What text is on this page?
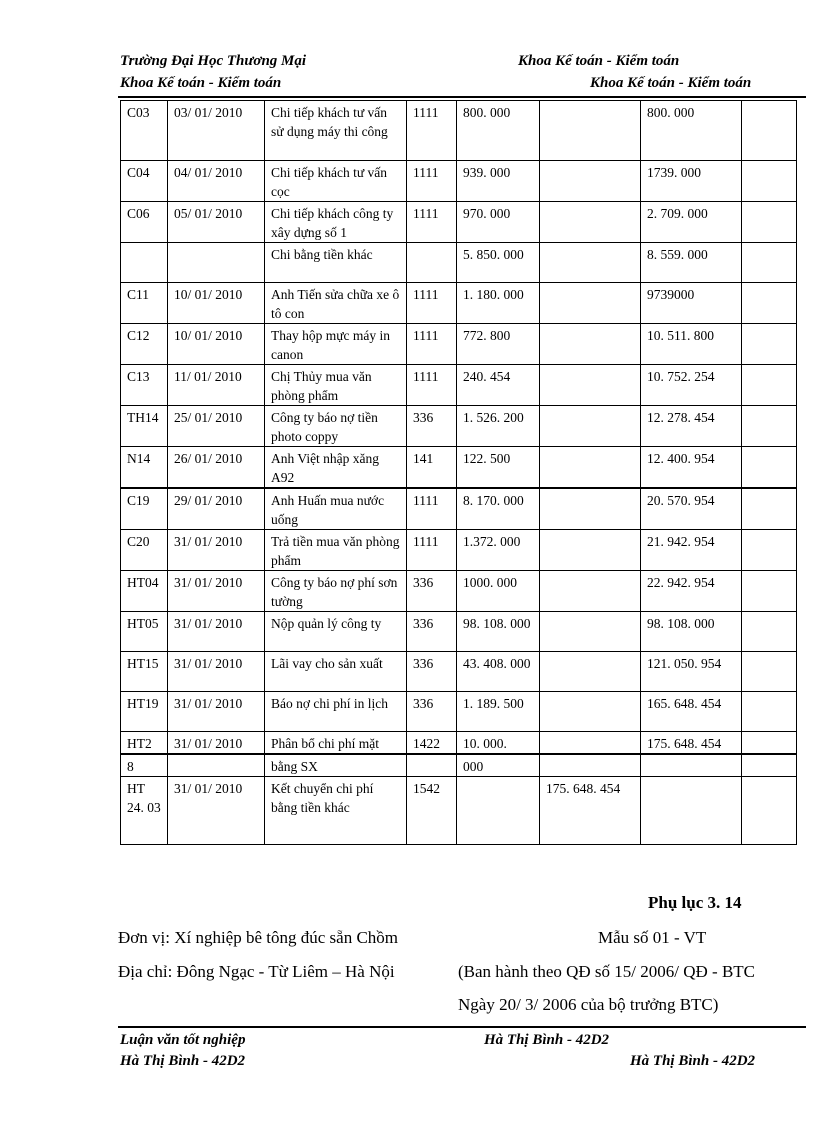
Trường Đại Học Thương Mại	Khoa Kế toán - Kiểm toán
Khoa Kế toán - Kiểm toán	Khoa Kế toán - Kiểm toán
C03	03/ 01/ 2010	Chi tiếp khách tư vấn sử dụng máy thi công	1111	800. 000		800. 000	
C04	04/ 01/ 2010	Chi tiếp khách tư vấn cọc	1111	939. 000		1739. 000	
C06	05/ 01/ 2010	Chi tiếp khách công ty xây dựng số 1	1111	970. 000		2. 709. 000	
		Chi bằng tiền khác		5. 850. 000		8. 559. 000	
C11	10/ 01/ 2010	Anh Tiến sửa chữa xe ô tô con	1111	1. 180. 000		9739000	
C12	10/ 01/ 2010	Thay hộp mực máy in canon	1111	772. 800		10. 511. 800	
C13	11/ 01/ 2010	Chị Thủy mua văn phòng phẩm	1111	240. 454		10. 752. 254	
TH14	25/ 01/ 2010	Công ty báo nợ tiền photo coppy	336	1. 526. 200		12. 278. 454	
N14	26/ 01/ 2010	Anh Việt nhập xăng A92	141	122. 500		12. 400. 954	
C19	29/ 01/ 2010	Anh Huấn mua nước uống	1111	8. 170. 000		20. 570. 954	
C20	31/ 01/ 2010	Trả tiền mua văn phòng phẩm	1111	1.372. 000		21. 942. 954	
HT04	31/ 01/ 2010	Công ty báo nợ phí sơn tường	336	1000. 000		22. 942. 954	
HT05	31/ 01/ 2010	Nộp quản lý công ty	336	98. 108. 000		98. 108. 000	
HT15	31/ 01/ 2010	Lãi vay cho sản xuất	336	43. 408. 000		121. 050. 954	
HT19	31/ 01/ 2010	Báo nợ chi phí in lịch	336	1. 189. 500		165. 648. 454	
HT2	31/ 01/ 2010	Phân bổ chi phí mặt	1422	10. 000.		175. 648. 454	
8		bằng SX		000			
HT 24. 03	31/ 01/ 2010	Kết chuyển chi phí bằng tiền khác	1542		175. 648. 454		
Phụ lục 3. 14
Đơn vị: Xí nghiệp bê tông đúc sẵn Chồm	Mẫu số 01 - VT
Địa chỉ: Đông Ngạc - Từ Liêm – Hà Nội	(Ban hành theo QĐ số 15/ 2006/ QĐ - BTC
Ngày 20/ 3/ 2006 của bộ trưởng BTC)
Luận văn tốt nghiệp	Hà Thị Bình - 42D2
Hà Thị Bình - 42D2	Hà Thị Bình - 42D2
